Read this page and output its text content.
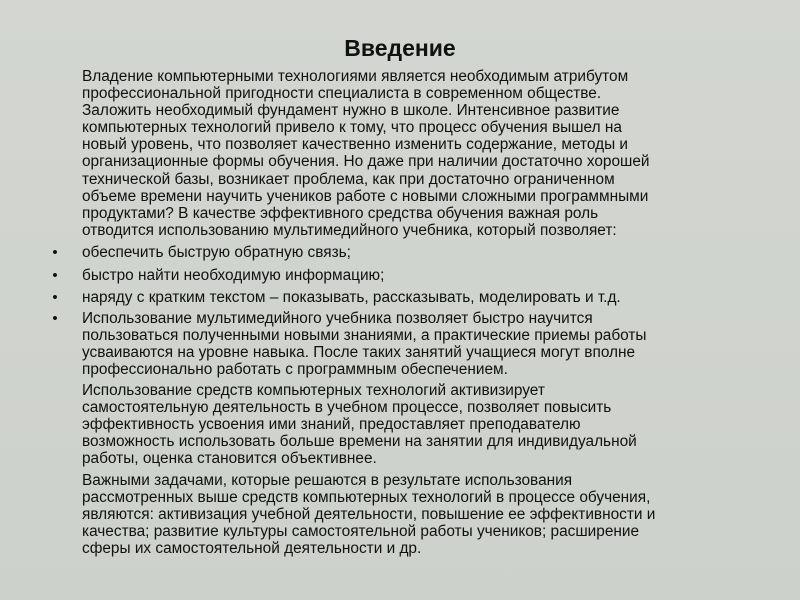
Введение
Владение компьютерными технологиями является необходимым атрибутом
профессиональной пригодности специалиста в современном обществе.
Заложить необходимый фундамент нужно в школе. Интенсивное развитие
компьютерных технологий привело к тому, что процесс обучения вышел на
новый уровень, что позволяет качественно изменить содержание, методы и
организационные формы обучения. Но даже при наличии достаточно хорошей
технической базы, возникает проблема, как при достаточно ограниченном
объеме времени научить учеников работе с новыми сложными программными
продуктами? В качестве эффективного средства обучения важная роль
отводится использованию мультимедийного учебника, который позволяет:
• обеспечить быструю обратную связь;
• быстро найти необходимую информацию;
• наряду с кратким текстом – показывать, рассказывать, моделировать и т.д.
• Использование мультимедийного учебника позволяет быстро научится
пользоваться полученными новыми знаниями, а практические приемы работы
усваиваются на уровне навыка. После таких занятий учащиеся могут вполне
профессионально работать с программным обеспечением.
Использование средств компьютерных технологий активизирует
самостоятельную деятельность в учебном процессе, позволяет повысить
эффективность усвоения ими знаний, предоставляет преподавателю
возможность использовать больше времени на занятии для индивидуальной
работы, оценка становится объективнее.
Важными задачами, которые решаются в результате использования
рассмотренных выше средств компьютерных технологий в процессе обучения,
являются: активизация учебной деятельности, повышение ее эффективности и
качества; развитие культуры самостоятельной работы учеников; расширение
сферы их самостоятельной деятельности и др.
